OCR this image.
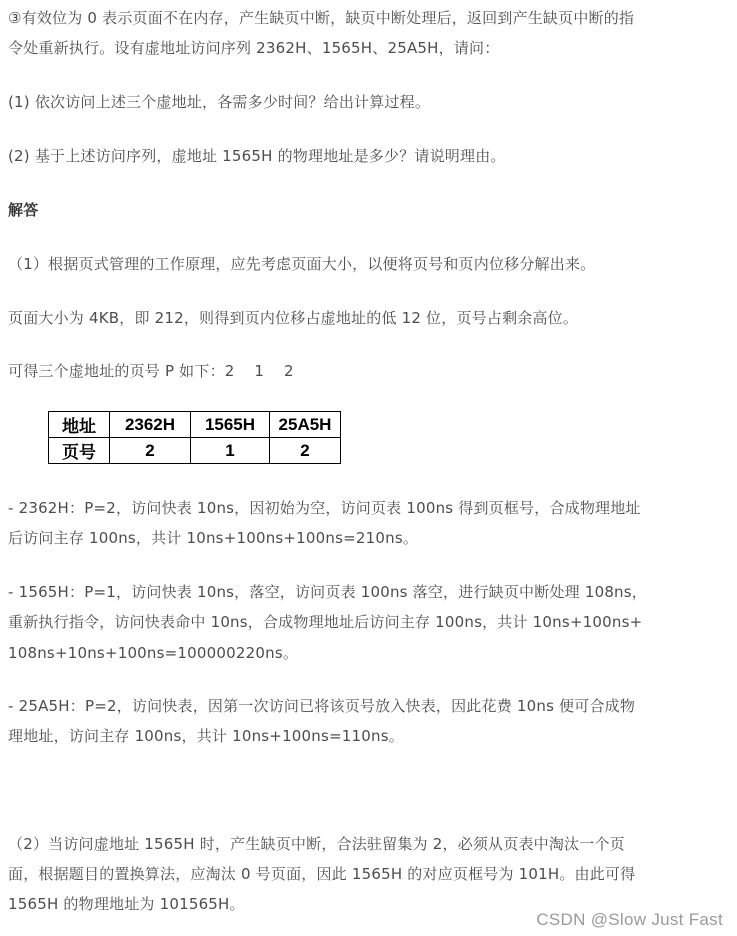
③有效位为 0 表示页面不在内存，产生缺页中断，缺页中断处理后，返回到产生缺页中断的指

令处重新执行。设有虚地址访问序列 2362H、1565H、25A5H，请问：

(1) 依次访问上述三个虚地址，各需多少时间？给出计算过程。

(2) 基于上述访问序列，虚地址 1565H 的物理地址是多少？请说明理由。

解答

（1）根据页式管理的工作原理，应先考虑页面大小，以便将页号和页内位移分解出来。

页面大小为 4KB，即 212，则得到页内位移占虚地址的低 12 位，页号占剩余高位。

可得三个虚地址的页号 P 如下：2    1    2

地址	2362H	1565H	25A5H
页号	2	1	2

- 2362H：P=2，访问快表 10ns，因初始为空，访问页表 100ns 得到页框号，合成物理地址

后访问主存 100ns，共计 10ns+100ns+100ns=210ns。

- 1565H：P=1，访问快表 10ns，落空，访问页表 100ns 落空，进行缺页中断处理 108ns，

重新执行指令，访问快表命中 10ns，合成物理地址后访问主存 100ns，共计 10ns+100ns+

108ns+10ns+100ns=100000220ns。

- 25A5H：P=2，访问快表，因第一次访问已将该页号放入快表，因此花费 10ns 便可合成物

理地址，访问主存 100ns，共计 10ns+100ns=110ns。

（2）当访问虚地址 1565H 时，产生缺页中断，合法驻留集为 2，必须从页表中淘汰一个页

面，根据题目的置换算法，应淘汰 0 号页面，因此 1565H 的对应页框号为 101H。由此可得

1565H 的物理地址为 101565H。

CSDN @Slow Just Fast
